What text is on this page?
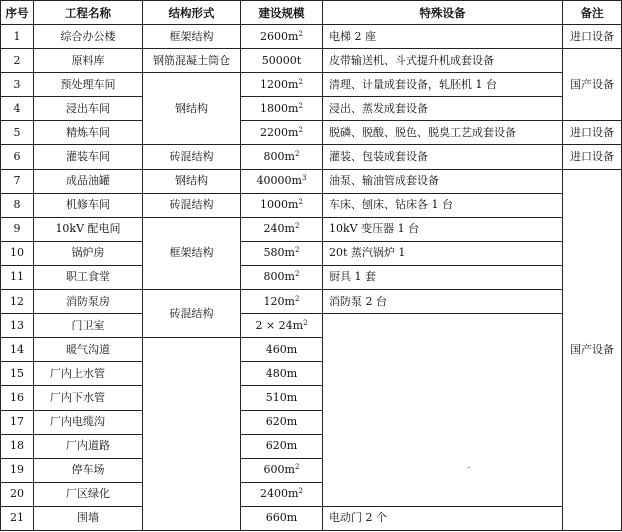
序号	工程名称	结构形式	建设规模	特殊设备	备注
1	综合办公楼	框架结构	$2600m^2$	电梯 2 座	进口设备
2	原料库	钢筋混凝土筒仓	50000t	皮带输送机、斗式提升机成套设备	国产设备
3	预处理车间	钢结构	$1200m^2$	清理、计量成套设备，轧胚机 1 台	
4	浸出车间		$1800m^2$	浸出、蒸发成套设备	
5	精炼车间		$2200m^2$	脱磷、脱酸、脱色、脱臭工艺成套设备	进口设备
6	灌装车间	砖混结构	$800m^2$	灌装、包装成套设备	进口设备
7	成品油罐	钢结构	$40000m^3$	油泵、输油管成套设备	国产设备
8	机修车间	砖混结构	$1000m^2$	车床、刨床、钻床各 1 台	
9	10kV 配电间	框架结构	$240m^2$	10kV 变压器 1 台	
10	锅炉房		$580m^2$	20t 蒸汽锅炉 1	
11	职工食堂		$800m^2$	厨具 1 套	
12	消防泵房	砖混结构	$120m^2$	消防泵 2 台	
13	门卫室		$2 \times 24m^2$	
14	暖气沟道		460m		
15	厂内上水管		480m		
16	厂内下水管		510m		
17	厂内电缆沟		620m		
18	厂内道路		620m		
19	停车场		$600m^2$
20	厂区绿化		$2400m^2$
21	围墙		660m	电动门 2 个	
